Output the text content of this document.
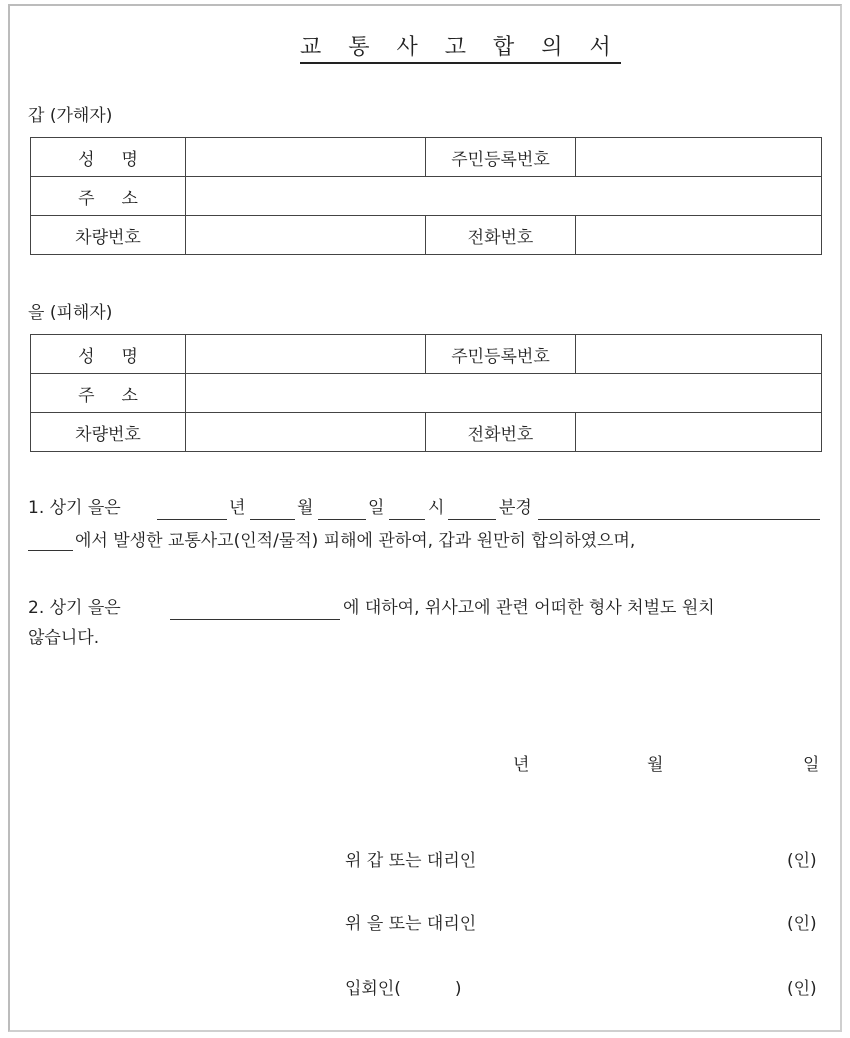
교 통 사 고 합 의 서
갑 (가해자)
성     명		주민등록번호	
주     소			
차량번호		전화번호	
을 (피해자)
성     명		주민등록번호	
주     소			
차량번호		전화번호	
1. 상기 을은	년	월	일	시	분경
에서 발생한 교통사고(인적/물적) 피해에 관하여, 갑과 원만히 합의하였으며,
2. 상기 을은	에 대하여, 위사고에 관련 어떠한 형사 처벌도 원치
않습니다.
년	월	일
위 갑 또는 대리인	(인)
위 을 또는 대리인	(인)
입회인(          )	(인)
